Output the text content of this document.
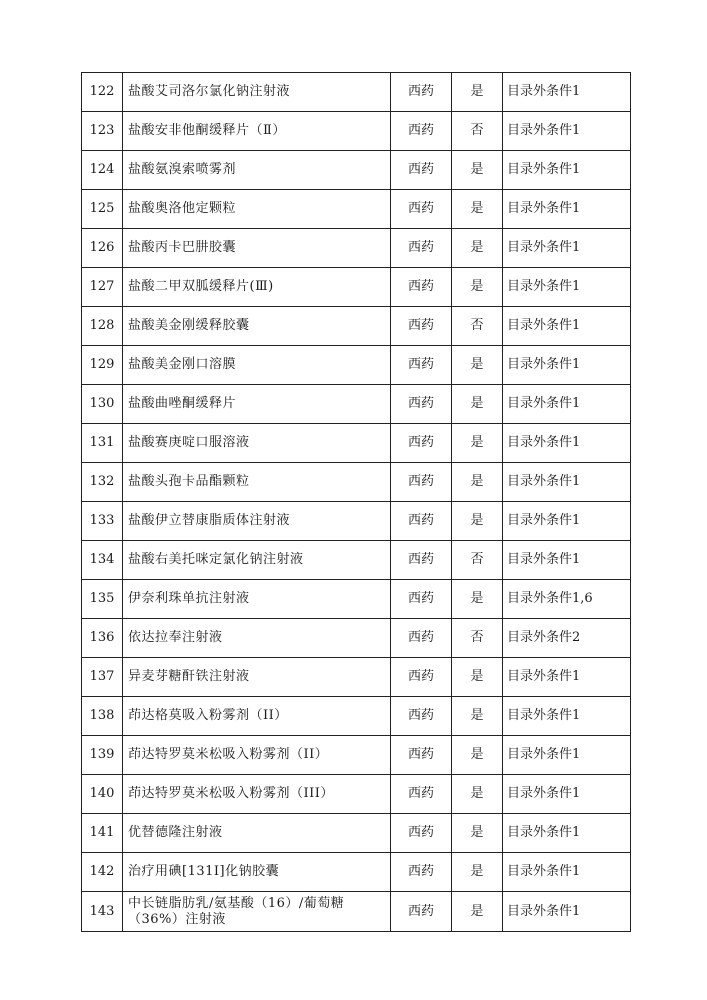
122	盐酸艾司洛尔氯化钠注射液	西药	是	目录外条件1
123	盐酸安非他酮缓释片（Ⅱ）	西药	否	目录外条件1
124	盐酸氨溴索喷雾剂	西药	是	目录外条件1
125	盐酸奥洛他定颗粒	西药	是	目录外条件1
126	盐酸丙卡巴肼胶囊	西药	是	目录外条件1
127	盐酸二甲双胍缓释片(Ⅲ)	西药	是	目录外条件1
128	盐酸美金刚缓释胶囊	西药	否	目录外条件1
129	盐酸美金刚口溶膜	西药	是	目录外条件1
130	盐酸曲唑酮缓释片	西药	是	目录外条件1
131	盐酸赛庚啶口服溶液	西药	是	目录外条件1
132	盐酸头孢卡品酯颗粒	西药	是	目录外条件1
133	盐酸伊立替康脂质体注射液	西药	是	目录外条件1
134	盐酸右美托咪定氯化钠注射液	西药	否	目录外条件1
135	伊奈利珠单抗注射液	西药	是	目录外条件1,6
136	依达拉奉注射液	西药	否	目录外条件2
137	异麦芽糖酐铁注射液	西药	是	目录外条件1
138	茚达格莫吸入粉雾剂（II）	西药	是	目录外条件1
139	茚达特罗莫米松吸入粉雾剂（II）	西药	是	目录外条件1
140	茚达特罗莫米松吸入粉雾剂（III）	西药	是	目录外条件1
141	优替德隆注射液	西药	是	目录外条件1
142	治疗用碘[131I]化钠胶囊	西药	是	目录外条件1
143	中长链脂肪乳/氨基酸（16）/葡萄糖（36%）注射液	西药	是	目录外条件1
